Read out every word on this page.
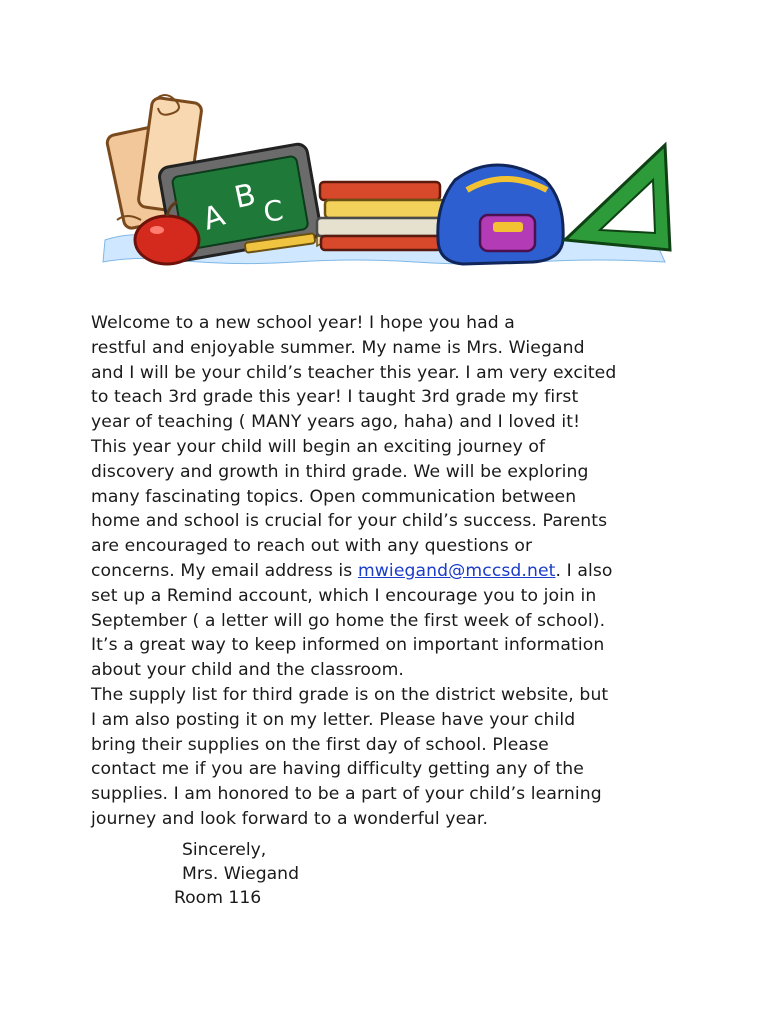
A
B C
Welcome to a new school year! I hope you had a
restful and enjoyable summer. My name is Mrs. Wiegand
and I will be your child’s teacher this year. I am very excited
to teach 3rd grade this year! I taught 3rd grade my first
year of teaching ( MANY years ago, haha) and I loved it!
This year your child will begin an exciting journey of
discovery and growth in third grade. We will be exploring
many fascinating topics. Open communication between
home and school is crucial for your child’s success. Parents
are encouraged to reach out with any questions or
concerns. My email address is mwiegand@mccsd.net. I also
set up a Remind account, which I encourage you to join in
September ( a letter will go home the first week of school).
It’s a great way to keep informed on important information
about your child and the classroom.
The supply list for third grade is on the district website, but
I am also posting it on my letter. Please have your child
bring their supplies on the first day of school. Please
contact me if you are having difficulty getting any of the
supplies. I am honored to be a part of your child’s learning
journey and look forward to a wonderful year.
Sincerely,
Mrs. Wiegand
Room 116
